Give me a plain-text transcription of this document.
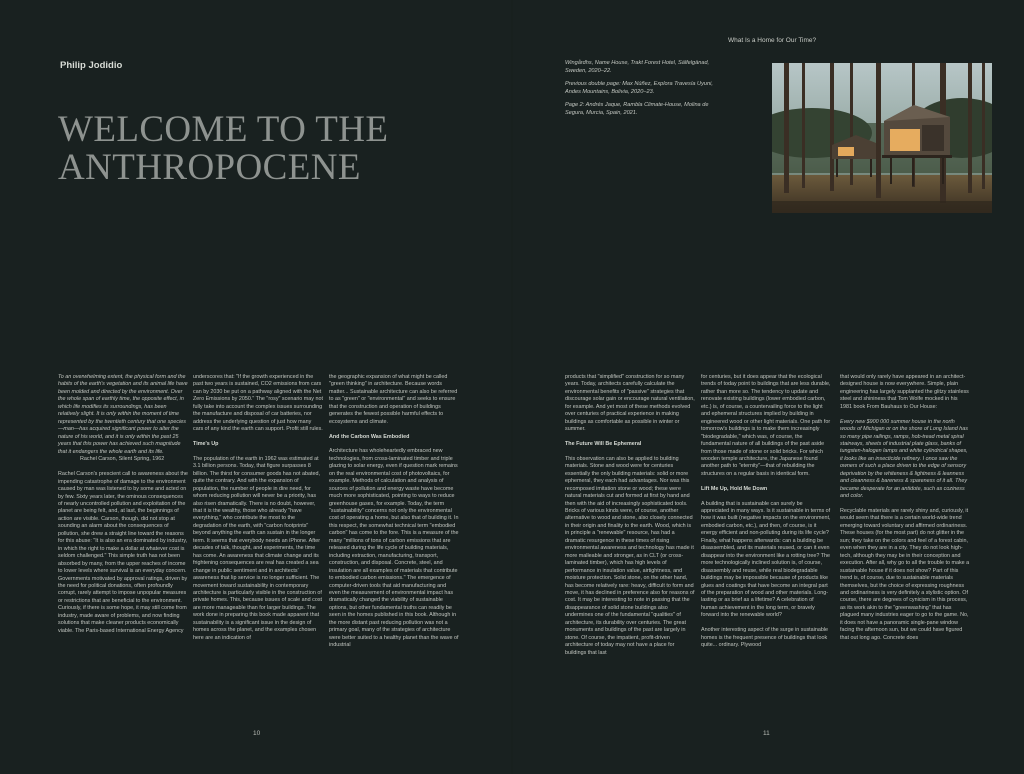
Philip Jodidio
WELCOME TO THE
ANTHROPOCENE

To an overwhelming extent, the physical form and the habits of the earth's vegetation and its animal life have been molded and directed by the environment. Over the whole span of earthly time, the opposite effect, in which life modifies its surroundings, has been relatively slight. It is only within the moment of time represented by the twentieth century that one species—man—has acquired significant power to alter the nature of his world, and it is only within the past 25 years that this power has achieved such magnitude that it endangers the whole earth and its life.

Rachel Carson, Silent Spring, 1962

Rachel Carson's prescient call to awareness about the impending catastrophe of damage to the environment caused by man was listened to by some and acted on by few. Sixty years later, the ominous consequences of nearly uncontrolled pollution and exploitation of the planet are being felt, and, at last, the beginnings of action are visible. Carson, though, did not stop at sounding an alarm about the consequences of pollution, she drew a straight line toward the reasons for this abuse: "It is also an era dominated by industry, in which the right to make a dollar at whatever cost is seldom challenged." This simple truth has not been absorbed by many, from the upper reaches of income to lower levels where survival is an everyday concern. Governments motivated by approval ratings, driven by the need for political donations, often profoundly corrupt, rarely attempt to impose unpopular measures or restrictions that are beneficial to the environment. Curiously, if there is some hope, it may still come from industry, made aware of problems, and now finding solutions that make cleaner products economically viable. The Paris-based International Energy Agency

underscores that: "If the growth experienced in the past two years is sustained, CO2 emissions from cars can by 2030 be put on a pathway aligned with the Net Zero Emissions by 2050." The "rosy" scenario may not fully take into account the complex issues surrounding the manufacture and disposal of car batteries, nor address the underlying question of just how many cars of any kind the earth can support. Profit still rules.

Time's Up

The population of the earth in 1962 was estimated at 3.1 billion persons. Today, that figure surpasses 8 billion. The thirst for consumer goods has not abated, quite the contrary. And with the expansion of population, the number of people in dire need, for whom reducing pollution will never be a priority, has also risen dramatically. There is no doubt, however, that it is the wealthy, those who already "have everything," who contribute the most to the degradation of the earth, with "carbon footprints" beyond anything the earth can sustain in the longer term. It seems that everybody needs an iPhone. After decades of talk, thought, and experiments, the time has come. An awareness that climate change and its frightening consequences are real has created a sea change in public sentiment and in architects' awareness that lip service is no longer sufficient. The movement toward sustainability in contemporary architecture is particularly visible in the construction of private homes. This, because issues of scale and cost are more manageable than for larger buildings. The work done in preparing this book made apparent that sustainability is a significant issue in the design of homes across the planet, and the examples chosen here are an indication of

the geographic expansion of what might be called "green thinking" in architecture. Because words matter... Sustainable architecture can also be referred to as "green" or "environmental" and seeks to ensure that the construction and operation of buildings generates the fewest possible harmful effects to ecosystems and climate.

And the Carbon Was Embodied

Architecture has wholeheartedly embraced new technologies, from cross-laminated timber and triple glazing to solar energy, even if question mark remains on the real environmental cost of photovoltaics, for example. Methods of calculation and analysis of sources of pollution and energy waste have become much more sophisticated, pointing to ways to reduce greenhouse gases, for example. Today, the term "sustainability" concerns not only the environmental cost of operating a home, but also that of building it. In this respect, the somewhat technical term "embodied carbon" has come to the fore. This is a measure of the many "millions of tons of carbon emissions that are released during the life cycle of building materials, including extraction, manufacturing, transport, construction, and disposal. Concrete, steel, and insulation are all examples of materials that contribute to embodied carbon emissions." The emergence of computer-driven tools that aid manufacturing and even the measurement of environmental impact has dramatically changed the viability of sustainable options, but other fundamental truths can readily be seen in the homes published in this book. Although in the more distant past reducing pollution was not a primary goal, many of the strategies of architecture were better suited to a healthy planet than the wave of industrial

10
What Is a Home for Our Time?

Wingårdhs, Name House, Trakt Forest Hotel, Sälfelgänad, Sweden, 2020–22.

Previous double page: Max Núñez, Explora Travesía Uyuni, Andes Mountains, Bolivia, 2020–23.

Page 2: Andrés Jaque, Rambla Climate-House, Molina de Segura, Murcia, Spain, 2021.

products that "simplified" construction for so many years. Today, architects carefully calculate the environmental benefits of "passive" strategies that discourage solar gain or encourage natural ventilation, for example. And yet most of these methods evolved over centuries of practical experience in making buildings as comfortable as possible in winter or summer.

The Future Will Be Ephemeral

This observation can also be applied to building materials. Stone and wood were for centuries essentially the only building materials: solid or more ephemeral, they each had advantages. Nor was this recomposed imitation stone or wood; these were natural materials cut and formed at first by hand and then with the aid of increasingly sophisticated tools. Bricks of various kinds were, of course, another alternative to wood and stone, also closely connected in their origin and finality to the earth. Wood, which is in principle a "renewable" resource, has had a dramatic resurgence in these times of rising environmental awareness and technology has made it more malleable and stronger, as in CLT (or cross-laminated timber), which has high levels of performance in insulation value, airtightness, and moisture protection. Solid stone, on the other hand, has become relatively rare: heavy, difficult to form and move, it has declined in preference also for reasons of cost. It may be interesting to note in passing that the disappearance of solid stone buildings also undermines one of the fundamental "qualities" of architecture, its durability over centuries. The great monuments and buildings of the past are largely in stone. Of course, the impatient, profit-driven architecture of today may not have a place for buildings that last

for centuries, but it does appear that the ecological trends of today point to buildings that are less durable, rather than more so. The tendency to update and renovate existing buildings (lower embodied carbon, etc.) is, of course, a countervailing force to the light and ephemeral structures implied by building in engineered wood or other light materials. One path for tomorrow's buildings is to make them increasingly "biodegradable," which was, of course, the fundamental nature of all buildings of the past aside from those made of stone or solid bricks. For which wooden temple architecture, the Japanese found another path to "eternity"—that of rebuilding the structures on a regular basis in identical form.

Lift Me Up, Hold Me Down

A building that is sustainable can surely be appreciated in many ways. Is it sustainable in terms of how it was built (negative impacts on the environment, embodied carbon, etc.), and then, of course, is it energy efficient and non-polluting during its life cycle? Finally, what happens afterwards: can a building be disassembled, and its materials reused, or can it even disappear into the environment like a rotting tree? The more technologically inclined solution is, of course, disassembly and reuse, while real biodegradable buildings may be impossible because of products like glues and coatings that have become an integral part of the preparation of wood and other materials. Long-lasting or as brief as a lifetime? A celebration of human achievement in the long term, or bravely forward into the renewable world?

Another interesting aspect of the surge in sustainable homes is the frequent presence of buildings that look quite... ordinary. Plywood

that would only rarely have appeared in an architect-designed house is now everywhere. Simple, plain engineering has largely supplanted the glitzy stainless steel and shininess that Tom Wolfe mocked in his 1981 book From Bauhaus to Our House:

Every new $900 000 summer house in the north woods of Michigan or on the shore of Long Island has so many pipe railings, ramps, hob-tread metal spiral stairways, sheets of industrial plate glass, banks of tungsten-halogen lamps and white cylindrical shapes, it looks like an insecticide refinery. I once saw the owners of such a place driven to the edge of sensory deprivation by the whiteness & lightness & leanness and cleanness & bareness & spareness of it all. They became desperate for an antidote, such as coziness and color.

Recyclable materials are rarely shiny and, curiously, it would seem that there is a certain world-wide trend emerging toward voluntary and affirmed ordinariness. These houses (for the most part) do not glitter in the sun; they take on the colors and feel of a forest cabin, even when they are in a city. They do not look high-tech, although they may be in their conception and execution. After all, why go to all the trouble to make a sustainable house if it does not show? Part of this trend is, of course, due to sustainable materials themselves, but the choice of expressing roughness and ordinariness is very definitely a stylistic option. Of course, there are degrees of cynicism in this process, as its work akin to the "greenwashing" that has plagued many industries eager to go to the game. No, it does not have a panoramic single-pane window facing the afternoon sun, but we could have figured that out long ago. Concrete does

11
